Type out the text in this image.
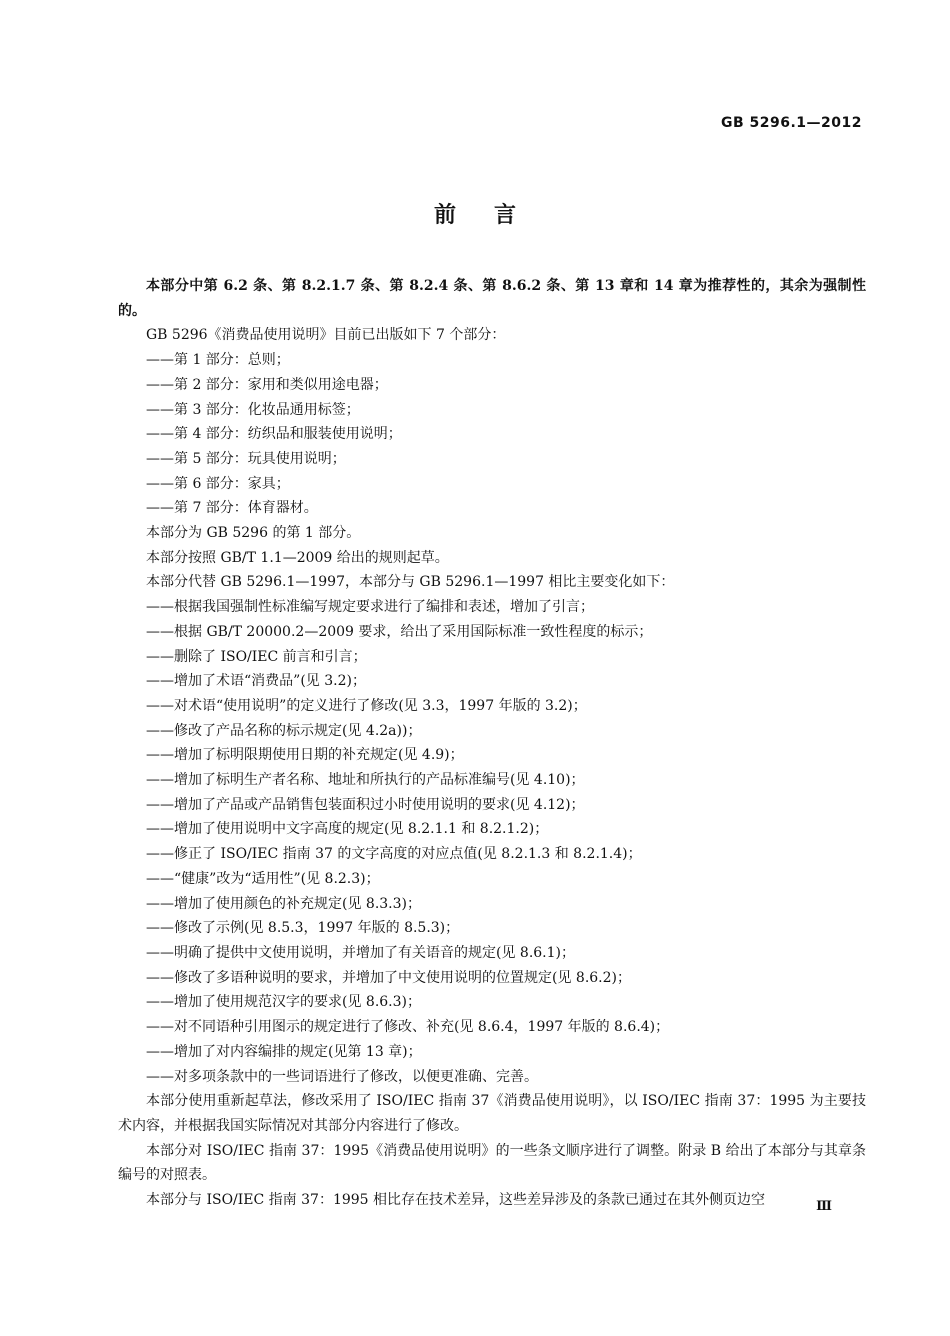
GB 5296.1—2012
前言

本部分中第 6.2 条、第 8.2.1.7 条、第 8.2.4 条、第 8.6.2 条、第 13 章和 14 章为推荐性的，其余为强制性的。

GB 5296《消费品使用说明》目前已出版如下 7 个部分：

——第 1 部分：总则；

——第 2 部分：家用和类似用途电器；

——第 3 部分：化妆品通用标签；

——第 4 部分：纺织品和服装使用说明；

——第 5 部分：玩具使用说明；

——第 6 部分：家具；

——第 7 部分：体育器材。

本部分为 GB 5296 的第 1 部分。

本部分按照 GB/T 1.1—2009 给出的规则起草。

本部分代替 GB 5296.1—1997，本部分与 GB 5296.1—1997 相比主要变化如下：

——根据我国强制性标准编写规定要求进行了编排和表述，增加了引言；

——根据 GB/T 20000.2—2009 要求，给出了采用国际标准一致性程度的标示；

——删除了 ISO/IEC 前言和引言；

——增加了术语“消费品”(见 3.2)；

——对术语“使用说明”的定义进行了修改(见 3.3，1997 年版的 3.2)；

——修改了产品名称的标示规定(见 4.2a))；

——增加了标明限期使用日期的补充规定(见 4.9)；

——增加了标明生产者名称、地址和所执行的产品标准编号(见 4.10)；

——增加了产品或产品销售包装面积过小时使用说明的要求(见 4.12)；

——增加了使用说明中文字高度的规定(见 8.2.1.1 和 8.2.1.2)；

——修正了 ISO/IEC 指南 37 的文字高度的对应点值(见 8.2.1.3 和 8.2.1.4)；

——“健康”改为“适用性”(见 8.2.3)；

——增加了使用颜色的补充规定(见 8.3.3)；

——修改了示例(见 8.5.3，1997 年版的 8.5.3)；

——明确了提供中文使用说明，并增加了有关语音的规定(见 8.6.1)；

——修改了多语种说明的要求，并增加了中文使用说明的位置规定(见 8.6.2)；

——增加了使用规范汉字的要求(见 8.6.3)；

——对不同语种引用图示的规定进行了修改、补充(见 8.6.4，1997 年版的 8.6.4)；

——增加了对内容编排的规定(见第 13 章)；

——对多项条款中的一些词语进行了修改，以便更准确、完善。

本部分使用重新起草法，修改采用了 ISO/IEC 指南 37《消费品使用说明》，以 ISO/IEC 指南 37：1995 为主要技术内容，并根据我国实际情况对其部分内容进行了修改。

本部分对 ISO/IEC 指南 37：1995《消费品使用说明》的一些条文顺序进行了调整。附录 B 给出了本部分与其章条编号的对照表。

本部分与 ISO/IEC 指南 37：1995 相比存在技术差异，这些差异涉及的条款已通过在其外侧页边空	Ⅲ
